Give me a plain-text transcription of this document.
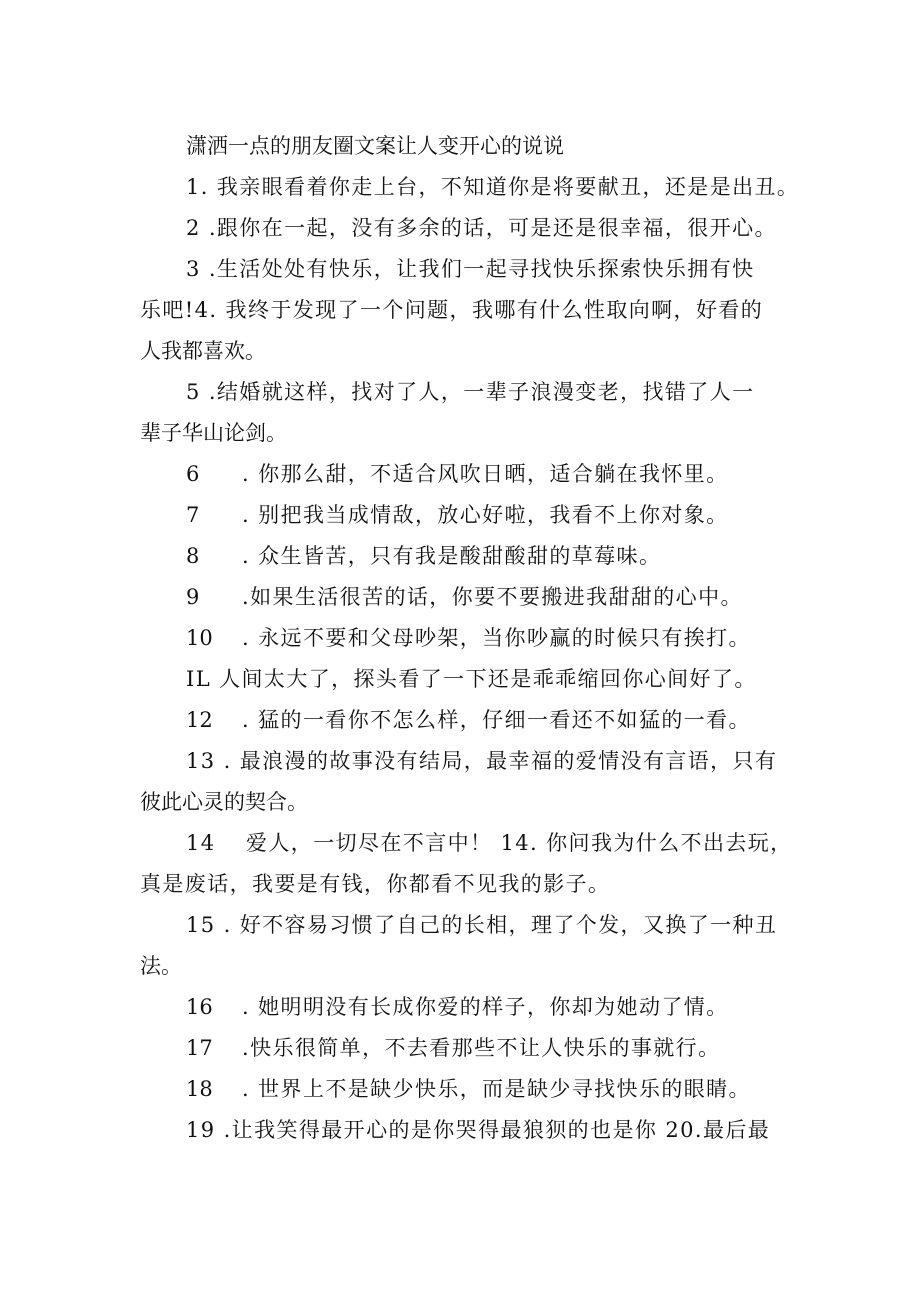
潇洒一点的朋友圈文案让人变开心的说说

1. 我亲眼看着你走上台，不知道你是将要献丑，还是是出丑。

2 .跟你在一起，没有多余的话，可是还是很幸福，很开心。

3 .生活处处有快乐，让我们一起寻找快乐探索快乐拥有快

乐吧!4. 我终于发现了一个问题，我哪有什么性取向啊，好看的

人我都喜欢。

5 .结婚就这样，找对了人，一辈子浪漫变老，找错了人一

辈子华山论剑。

6	. 你那么甜，不适合风吹日晒，适合躺在我怀里。
7	. 别把我当成情敌，放心好啦，我看不上你对象。
8	. 众生皆苦，只有我是酸甜酸甜的草莓味。
9	.如果生活很苦的话，你要不要搬进我甜甜的心中。
10	. 永远不要和父母吵架，当你吵赢的时候只有挨打。

IL 人间太大了，探头看了一下还是乖乖缩回你心间好了。

12	. 猛的一看你不怎么样，仔细一看还不如猛的一看。

13 . 最浪漫的故事没有结局，最幸福的爱情没有言语，只有

彼此心灵的契合。

14　 爱人，一切尽在不言中！ 14. 你问我为什么不出去玩，

真是废话，我要是有钱，你都看不见我的影子。

15 . 好不容易习惯了自己的长相，理了个发，又换了一种丑

法。

16	. 她明明没有长成你爱的样子，你却为她动了情。
17	.快乐很简单，不去看那些不让人快乐的事就行。
18	. 世界上不是缺少快乐，而是缺少寻找快乐的眼睛。

19 .让我笑得最开心的是你哭得最狼狈的也是你 20.最后最
